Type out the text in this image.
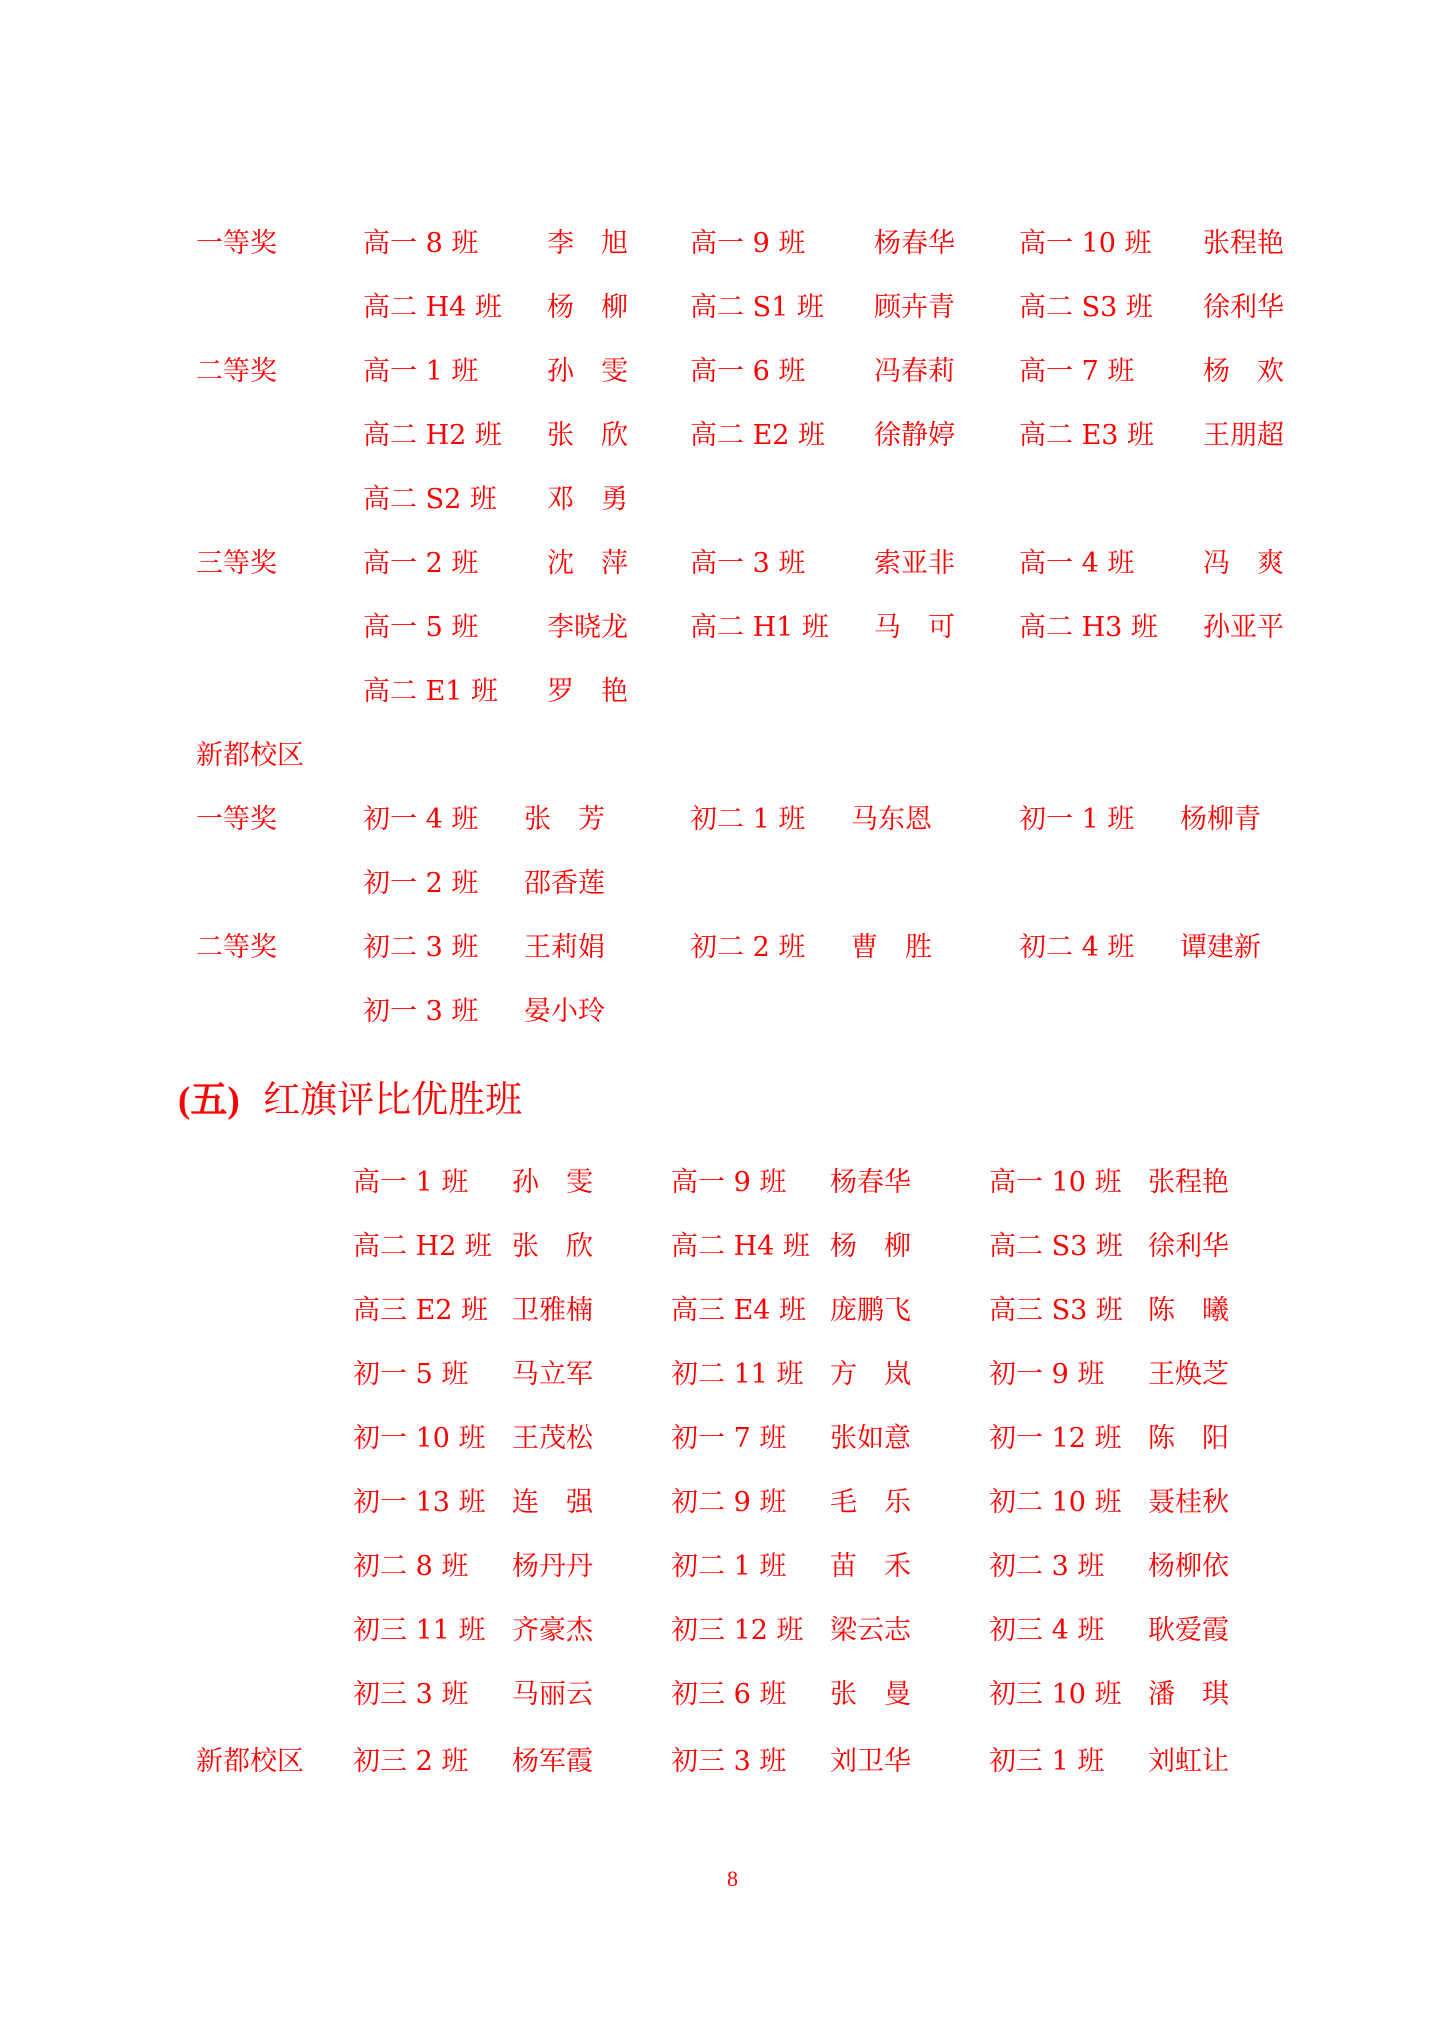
一等奖	高一 8 班	李　旭 高一 9 班	杨春华 高一 10 班 张程艳
高二 H4 班 杨　柳 高二 S1 班 顾卉青 高二 S3 班 徐利华
二等奖	高一 1 班	孙　雯 高一 6 班	冯春莉 高一 7 班	杨　欢
高二 H2 班 张　欣 高二 E2 班 徐静婷 高二 E3 班 王朋超
高二 S2 班 邓　勇
三等奖	高一 2 班	沈　萍 高一 3 班	索亚非 高一 4 班	冯　爽
高一 5 班	李晓龙 高二 H1 班 马　可 高二 H3 班 孙亚平
高二 E1 班 罗　艳
新都校区
一等奖	初一 4 班 张　芳	初二 1 班 马东恩	初一 1 班 杨柳青
初一 2 班 邵香莲
二等奖	初二 3 班 王莉娟	初二 2 班 曹　胜	初二 4 班 谭建新
初一 3 班 晏小玲
(五) 红旗评比优胜班
高一 1 班 孙　雯	高一 9 班 杨春华	高一 10 班 张程艳
高二 H2 班 张　欣	高二 H4 班 杨　柳	高二 S3 班 徐利华
高三 E2 班 卫雅楠	高三 E4 班 庞鹏飞	高三 S3 班 陈　曦
初一 5 班 马立军	初二 11 班 方　岚	初一 9 班 王焕芝
初一 10 班 王茂松	初一 7 班 张如意	初一 12 班 陈　阳
初一 13 班 连　强	初二 9 班 毛　乐	初二 10 班 聂桂秋
初二 8 班 杨丹丹	初二 1 班 苗　禾	初二 3 班 杨柳依
初三 11 班 齐豪杰	初三 12 班 梁云志	初三 4 班 耿爱霞
初三 3 班 马丽云	初三 6 班 张　曼	初三 10 班 潘　琪
新都校区 初三 2 班 杨军霞	初三 3 班 刘卫华	初三 1 班 刘虹让
8
